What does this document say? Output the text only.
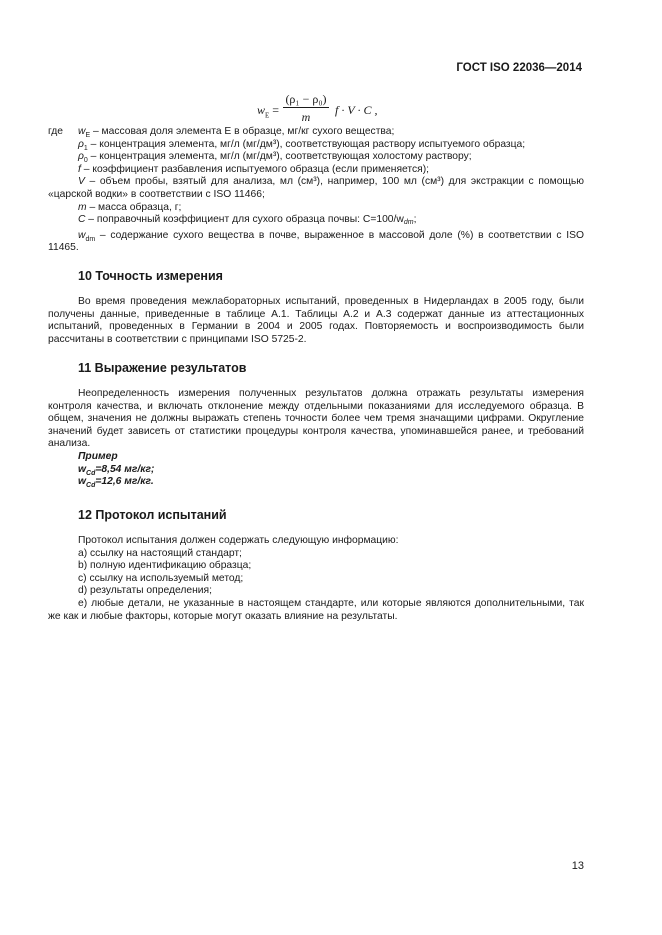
ГОСТ ISO 22036—2014
$w_E$ =
(ρ₁ − ρ₀)
m	f · V · C ,
где $w_E$ – массовая доля элемента E в образце, мг/кг сухого вещества;
$\rho_1$ – концентрация элемента, мг/л (мг/дм³), соответствующая раствору испытуемого образца;
$\rho_0$ – концентрация элемента, мг/л (мг/дм³), соответствующая холостому раствору;
f – коэффициент разбавления испытуемого образца (если применяется);
V – объем пробы, взятый для анализа, мл (см³), например, 100 мл (см³) для экстракции с помощью «царской водки» в соответствии с ISO 11466;
m – масса образца, г;
C – поправочный коэффициент для сухого образца почвы: C=100/wdm;
$w_{dm}$ – содержание сухого вещества в почве, выраженное в массовой доле (%) в соответствии с ISO 11465.
10 Точность измерения

Во время проведения межлабораторных испытаний, проведенных в Нидерландах в 2005 году, были получены данные, приведенные в таблице А.1. Таблицы А.2 и А.3 содержат данные из аттестационных испытаний, проведенных в Германии в 2004 и 2005 годах. Повторяемость и воспроизводимость были рассчитаны в соответствии с принципами ISO 5725-2.

11 Выражение результатов

Неопределенность измерения полученных результатов должна отражать результаты измерения контроля качества, и включать отклонение между отдельными показаниями для исследуемого образца. В общем, значения не должны выражать степень точности более чем тремя значащими цифрами. Округление значений будет зависеть от статистики процедуры контроля качества, упоминавшейся ранее, и требований анализа.

Пример
$w_{Cd}=8,54$ мг/кг;
$w_{Cd}=12,6$ мг/кг.
12 Протокол испытаний

Протокол испытания должен содержать следующую информацию:

а) ссылку на настоящий стандарт;
b) полную идентификацию образца;
c) ссылку на используемый метод;
d) результаты определения;
e) любые детали, не указанные в настоящем стандарте, или которые являются дополнительными, так же как и любые факторы, которые могут оказать влияние на результаты.
13
